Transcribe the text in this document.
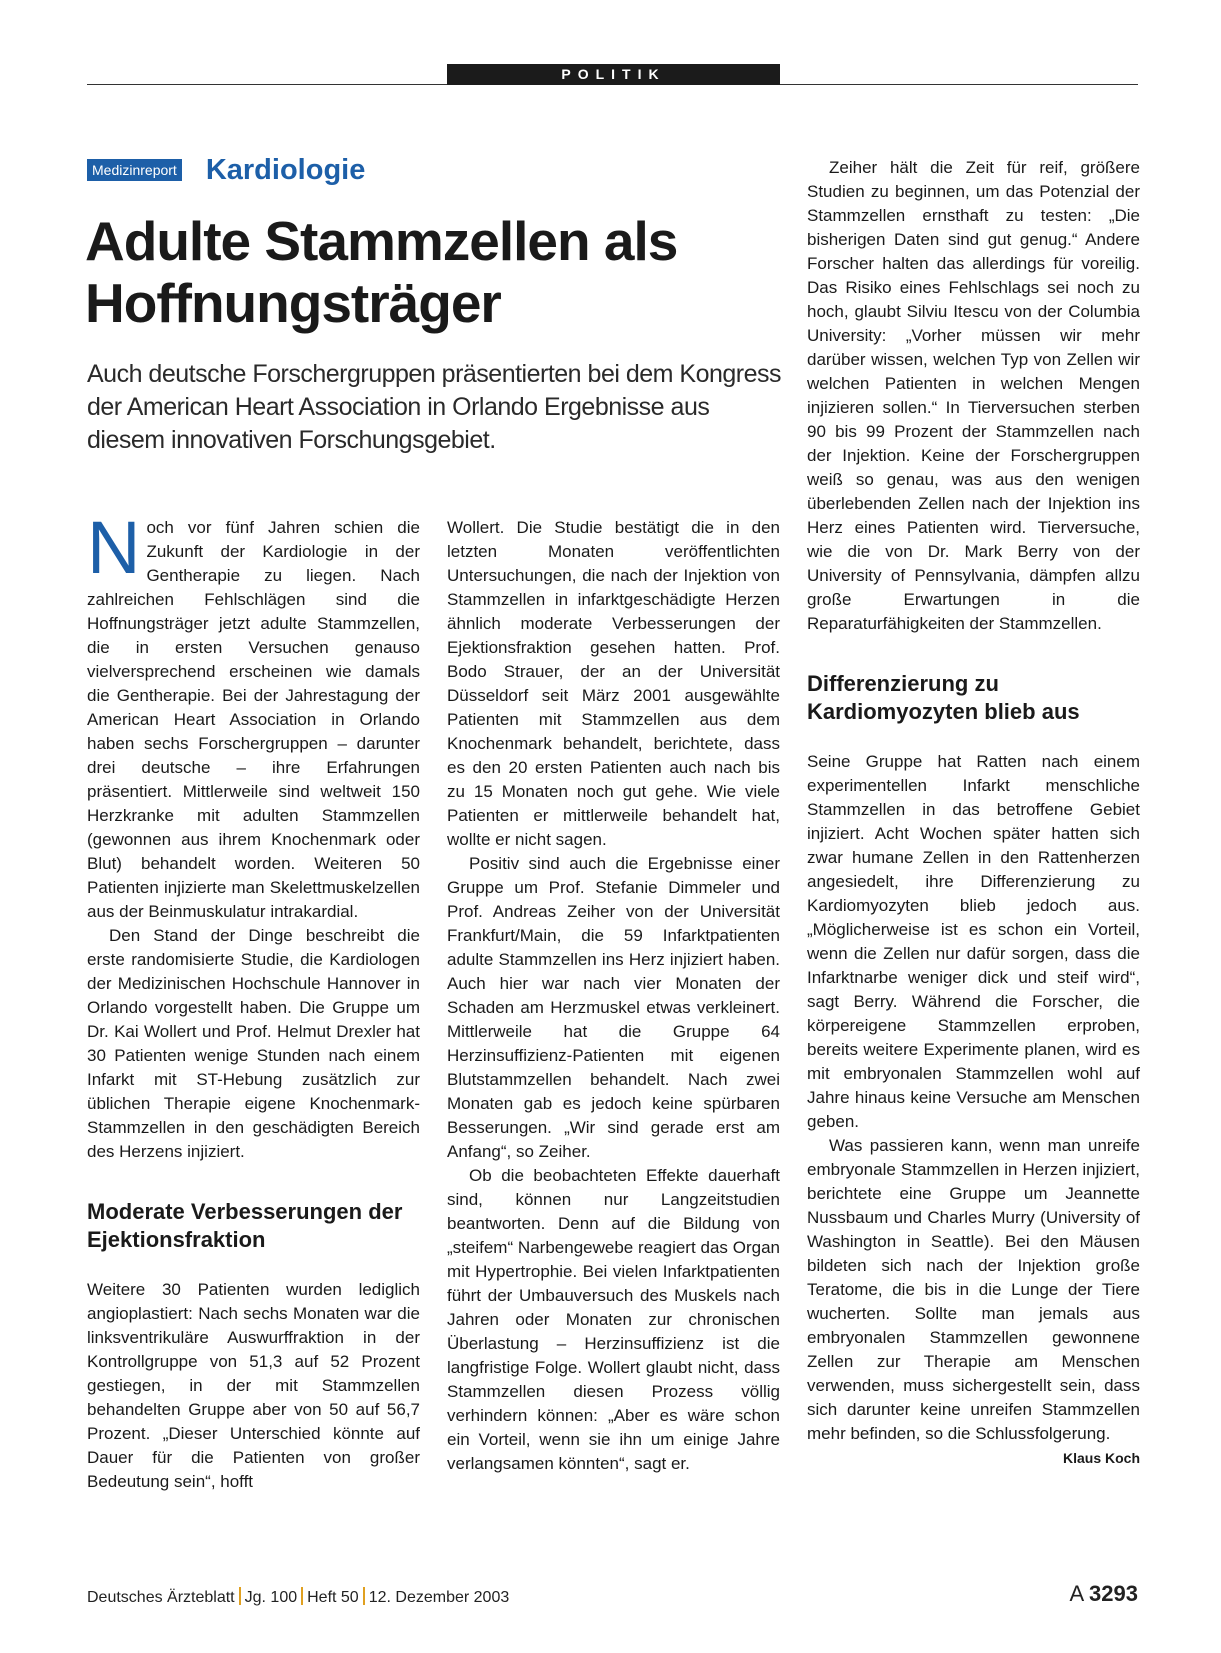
POLITIK
Medizinreport Kardiologie
Adulte Stammzellen als
Hoffnungsträger

Auch deutsche Forschergruppen präsentierten bei dem Kongress der American Heart Association in Orlando Ergebnisse aus diesem innovativen Forschungsgebiet.

Noch vor fünf Jahren schien die Zukunft der Kardiologie in der Gentherapie zu liegen. Nach zahlreichen Fehlschlägen sind die Hoffnungsträger jetzt adulte Stammzellen, die in ersten Versuchen genauso vielversprechend erscheinen wie damals die Gentherapie. Bei der Jahrestagung der American Heart Association in Orlando haben sechs Forschergruppen – darunter drei deutsche – ihre Erfahrungen präsentiert. Mittlerweile sind weltweit 150 Herzkranke mit adulten Stammzellen (gewonnen aus ihrem Knochenmark oder Blut) behandelt worden. Weiteren 50 Patienten injizierte man Skelettmuskelzellen aus der Beinmuskulatur intrakardial.

Den Stand der Dinge beschreibt die erste randomisierte Studie, die Kardiologen der Medizinischen Hochschule Hannover in Orlando vorgestellt haben. Die Gruppe um Dr. Kai Wollert und Prof. Helmut Drexler hat 30 Patienten wenige Stunden nach einem Infarkt mit ST-Hebung zusätzlich zur üblichen Therapie eigene Knochenmark-Stammzellen in den geschädigten Bereich des Herzens injiziert.

Moderate Verbesserungen der Ejektionsfraktion

Weitere 30 Patienten wurden lediglich angioplastiert: Nach sechs Monaten war die linksventrikuläre Auswurffraktion in der Kontrollgruppe von 51,3 auf 52 Prozent gestiegen, in der mit Stammzellen behandelten Gruppe aber von 50 auf 56,7 Prozent. „Dieser Unterschied könnte auf Dauer für die Patienten von großer Bedeutung sein“, hofft

Wollert. Die Studie bestätigt die in den letzten Monaten veröffentlichten Untersuchungen, die nach der Injektion von Stammzellen in infarktgeschädigte Herzen ähnlich moderate Verbesserungen der Ejektionsfraktion gesehen hatten. Prof. Bodo Strauer, der an der Universität Düsseldorf seit März 2001 ausgewählte Patienten mit Stammzellen aus dem Knochenmark behandelt, berichtete, dass es den 20 ersten Patienten auch nach bis zu 15 Monaten noch gut gehe. Wie viele Patienten er mittlerweile behandelt hat, wollte er nicht sagen.

Positiv sind auch die Ergebnisse einer Gruppe um Prof. Stefanie Dimmeler und Prof. Andreas Zeiher von der Universität Frankfurt/Main, die 59 Infarktpatienten adulte Stammzellen ins Herz injiziert haben. Auch hier war nach vier Monaten der Schaden am Herzmuskel etwas verkleinert. Mittlerweile hat die Gruppe 64 Herzinsuffizienz-Patienten mit eigenen Blutstammzellen behandelt. Nach zwei Monaten gab es jedoch keine spürbaren Besserungen. „Wir sind gerade erst am Anfang“, so Zeiher.

Ob die beobachteten Effekte dauerhaft sind, können nur Langzeitstudien beantworten. Denn auf die Bildung von „steifem“ Narbengewebe reagiert das Organ mit Hypertrophie. Bei vielen Infarktpatienten führt der Umbauversuch des Muskels nach Jahren oder Monaten zur chronischen Überlastung – Herzinsuffizienz ist die langfristige Folge. Wollert glaubt nicht, dass Stammzellen diesen Prozess völlig verhindern können: „Aber es wäre schon ein Vorteil, wenn sie ihn um einige Jahre verlangsamen könnten“, sagt er.

Zeiher hält die Zeit für reif, größere Studien zu beginnen, um das Potenzial der Stammzellen ernsthaft zu testen: „Die bisherigen Daten sind gut genug.“ Andere Forscher halten das allerdings für voreilig. Das Risiko eines Fehlschlags sei noch zu hoch, glaubt Silviu Itescu von der Columbia University: „Vorher müssen wir mehr darüber wissen, welchen Typ von Zellen wir welchen Patienten in welchen Mengen injizieren sollen.“ In Tierversuchen sterben 90 bis 99 Prozent der Stammzellen nach der Injektion. Keine der Forschergruppen weiß so genau, was aus den wenigen überlebenden Zellen nach der Injektion ins Herz eines Patienten wird. Tierversuche, wie die von Dr. Mark Berry von der University of Pennsylvania, dämpfen allzu große Erwartungen in die Reparaturfähigkeiten der Stammzellen.

Differenzierung zu Kardiomyozyten blieb aus

Seine Gruppe hat Ratten nach einem experimentellen Infarkt menschliche Stammzellen in das betroffene Gebiet injiziert. Acht Wochen später hatten sich zwar humane Zellen in den Rattenherzen angesiedelt, ihre Differenzierung zu Kardiomyozyten blieb jedoch aus. „Möglicherweise ist es schon ein Vorteil, wenn die Zellen nur dafür sorgen, dass die Infarktnarbe weniger dick und steif wird“, sagt Berry. Während die Forscher, die körpereigene Stammzellen erproben, bereits weitere Experimente planen, wird es mit embryonalen Stammzellen wohl auf Jahre hinaus keine Versuche am Menschen geben.

Was passieren kann, wenn man unreife embryonale Stammzellen in Herzen injiziert, berichtete eine Gruppe um Jeannette Nussbaum und Charles Murry (University of Washington in Seattle). Bei den Mäusen bildeten sich nach der Injektion große Teratome, die bis in die Lunge der Tiere wucherten. Sollte man jemals aus embryonalen Stammzellen gewonnene Zellen zur Therapie am Menschen verwenden, muss sichergestellt sein, dass sich darunter keine unreifen Stammzellen mehr befinden, so die Schlussfolgerung.
Klaus Koch

Deutsches Ärzteblatt Jg. 100 Heft 50 12. Dezember 2003	A 3293
